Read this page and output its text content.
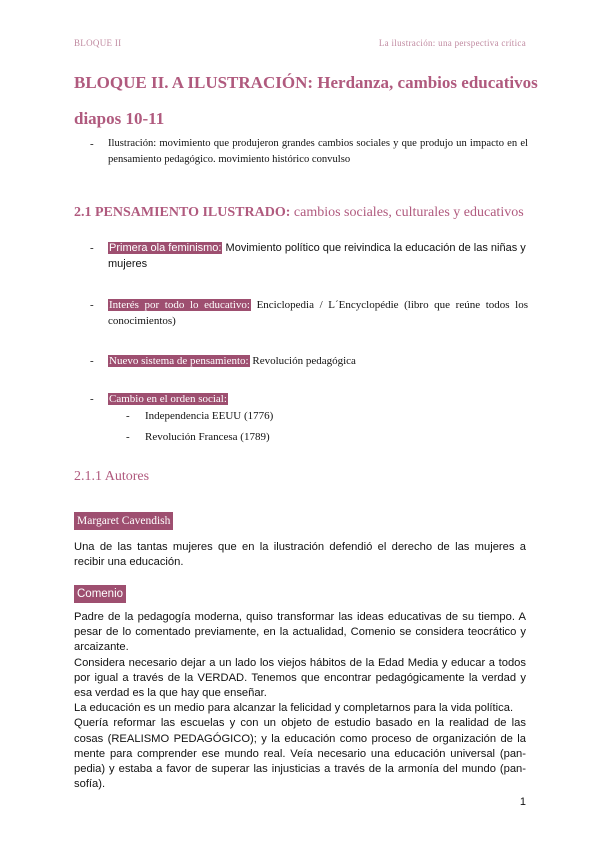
BLOQUE II	La ilustración: una perspectiva crítica
BLOQUE II. A ILUSTRACIÓN: Herdanza, cambios educativos
diapos 10-11
- Ilustración: movimiento que produjeron grandes cambios sociales y que produjo un impacto en el pensamiento pedagógico. movimiento histórico convulso
2.1 PENSAMIENTO ILUSTRADO: cambios sociales, culturales y educativos
- Primera ola feminismo: Movimiento político que reivindica la educación de las niñas y mujeres
- Interés por todo lo educativo: Enciclopedia / L´Encyclopédie (libro que reúne todos los conocimientos)
- Nuevo sistema de pensamiento: Revolución pedagógica
- Cambio en el orden social:
- Independencia EEUU (1776)
- Revolución Francesa (1789)
2.1.1 Autores
Margaret Cavendish
Una de las tantas mujeres que en la ilustración defendió el derecho de las mujeres a recibir una educación.
Comenio
Padre de la pedagogía moderna, quiso transformar las ideas educativas de su tiempo. A pesar de lo comentado previamente, en la actualidad, Comenio se considera teocrático y arcaizante.
Considera necesario dejar a un lado los viejos hábitos de la Edad Media y educar a todos por igual a través de la VERDAD. Tenemos que encontrar pedagógicamente la verdad y esa verdad es la que hay que enseñar.
La educación es un medio para alcanzar la felicidad y completarnos para la vida política.
Quería reformar las escuelas y con un objeto de estudio basado en la realidad de las cosas (REALISMO PEDAGÓGICO); y la educación como proceso de organización de la mente para comprender ese mundo real. Veía necesario una educación universal (pan-pedia) y estaba a favor de superar las injusticias a través de la armonía del mundo (pan-sofía).
1
